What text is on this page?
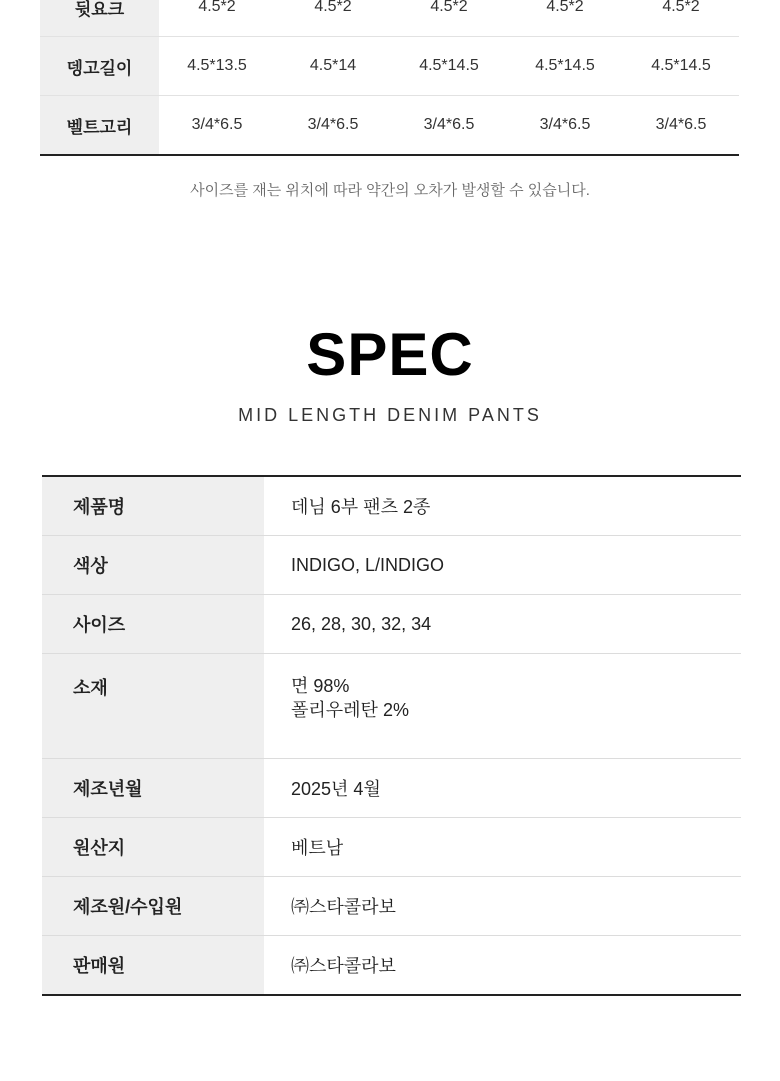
뒷요크	4.5*2	4.5*2	4.5*2	4.5*2	4.5*2
뎅고길이	4.5*13.5	4.5*14	4.5*14.5	4.5*14.5	4.5*14.5
벨트고리	3/4*6.5	3/4*6.5	3/4*6.5	3/4*6.5	3/4*6.5
사이즈를 재는 위치에 따라 약간의 오차가 발생할 수 있습니다.
SPEC
MID LENGTH DENIM PANTS
제품명	데님 6부 팬츠 2종
색상	INDIGO, L/INDIGO
사이즈	26, 28, 30, 32, 34
소재	면 98%
폴리우레탄 2%

제조년월	2025년 4월
원산지	베트남
제조원/수입원	㈜스타콜라보
판매원	㈜스타콜라보
